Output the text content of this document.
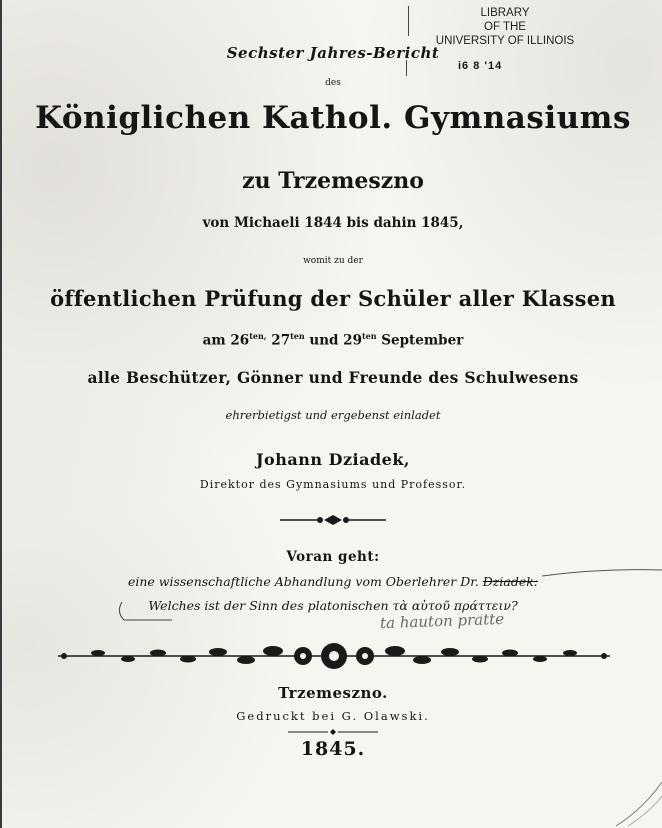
LIBRARY
OF THE
UNIVERSITY OF ILLINOIS
i6 8 '14
Sechster Jahres-Bericht
des
Königlichen Kathol. Gymnasiums
zu Trzemeszno
von Michaeli 1844 bis dahin 1845,
womit zu der
öffentlichen Prüfung der Schüler aller Klassen
am $26^{ten,}$ $27^{ten}$ und $29^{ten}$ September
alle Beschützer, Gönner und Freunde des Schulwesens
ehrerbietigst und ergebenst einladet
Johann Dziadek,
Direktor des Gymnasiums und Professor.
Voran geht:
eine wissenschaftliche Abhandlung vom Oberlehrer Dr. Dziadek:
Welches ist der Sinn des platonischen τὰ αὑτοῦ πράττειν?
ta hauton pratte
Trzemeszno.
Gedruckt bei G. Olawski.
1845.
